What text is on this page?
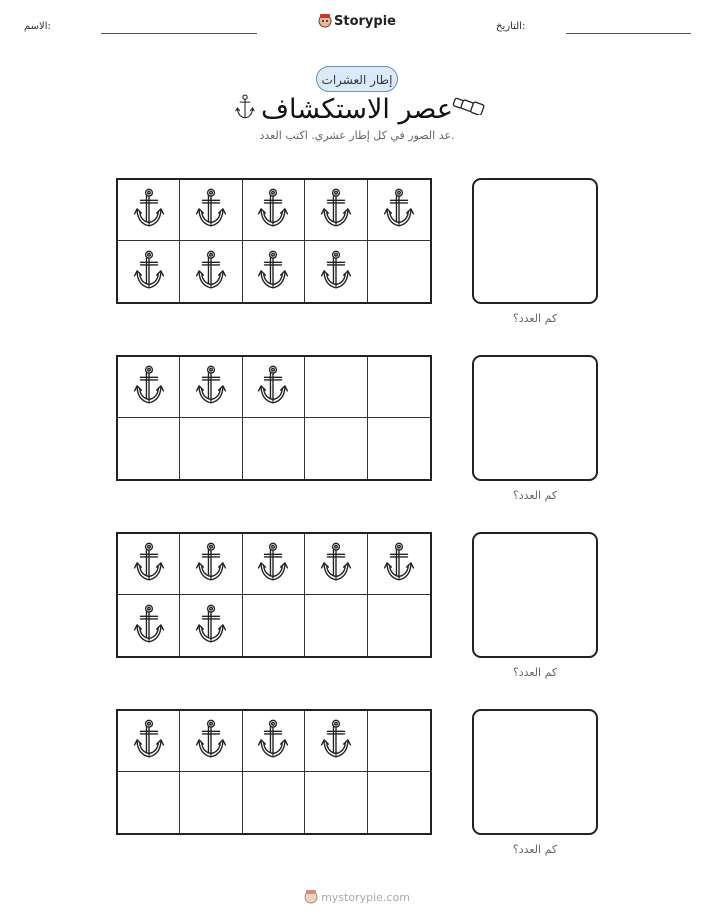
الاسم:	التاريخ:
Storypie
إطار العشرات
عصر الاستكشاف
عد الصور في كل إطار عشري. اكتب العدد.
كم العدد؟
كم العدد؟
كم العدد؟
كم العدد؟
mystorypie.com
